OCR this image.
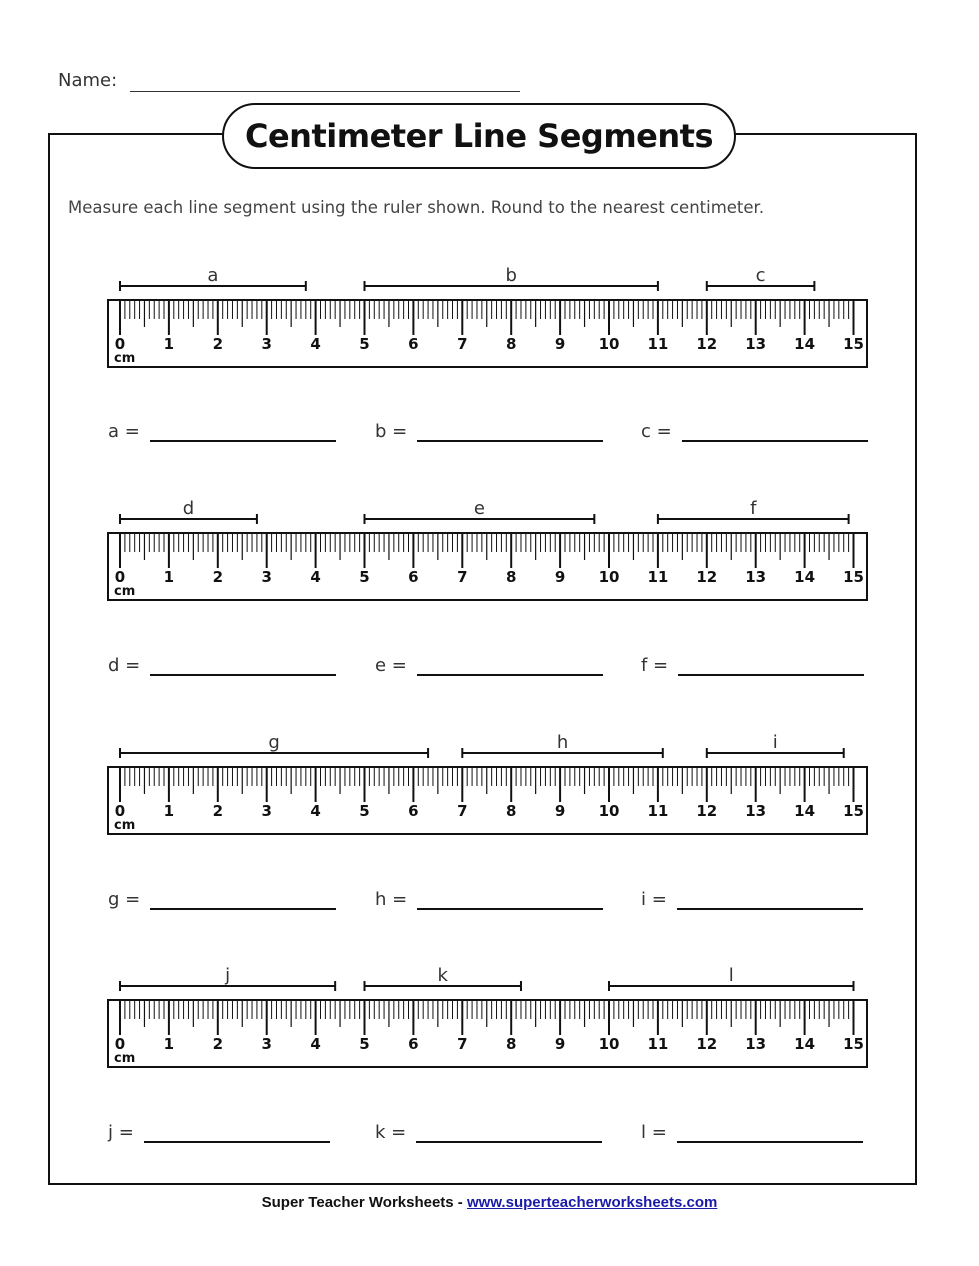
Name:
Centimeter Line Segments
Measure each line segment using the ruler shown. Round to the nearest centimeter.
0	1	2	3	4	5	6	7	8	9 10 11 12 13 14 15
cm
a	b	c
0	1	2	3	4	5	6	7	8	9 10 11 12 13 14 15
cm
d	e	f
0	1	2	3	4	5	6	7	8	9 10 11 12 13 14 15
cm
g	h	i
0	1	2	3	4	5	6	7	8	9 10 11 12 13 14 15
cm
j	k	l
a =	b =	c =
d =	e =	f =
g =	h =	i =
j =	k =	l =
Super Teacher Worksheets - www.superteacherworksheets.com
